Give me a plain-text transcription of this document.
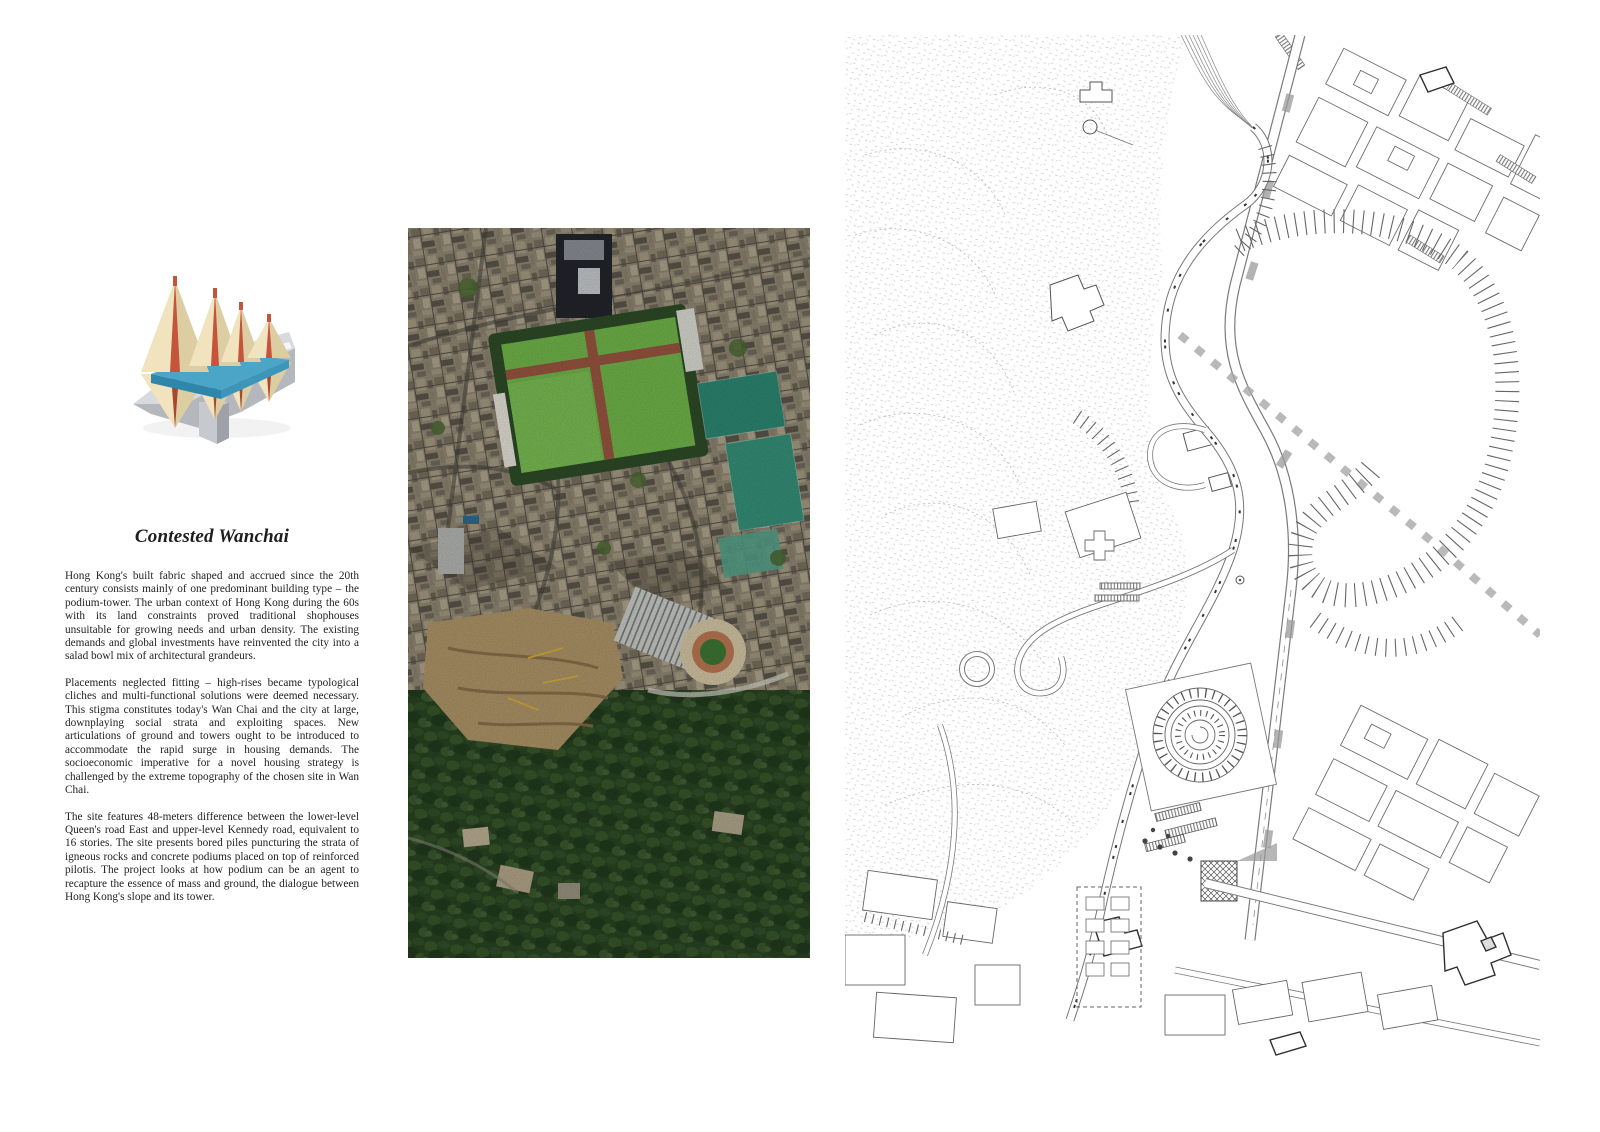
Contested Wanchai

Hong Kong's built fabric shaped and accrued since the 20th century consists mainly of one predominant building type – the podium-tower. The urban context of Hong Kong during the 60s with its land constraints proved traditional shophouses unsuitable for growing needs and urban density. The existing demands and global investments have reinvented the city into a salad bowl mix of architectural grandeurs.

Placements neglected fitting – high-rises became typological cliches and multi-functional solutions were deemed necessary. This stigma constitutes today's Wan Chai and the city at large, downplaying social strata and exploiting spaces. New articulations of ground and towers ought to be introduced to accommodate the rapid surge in housing demands. The socioeconomic imperative for a novel housing strategy is challenged by the extreme topography of the chosen site in Wan Chai.

The site features 48-meters difference between the lower-level Queen's road East and upper-level Kennedy road, equivalent to 16 stories. The site presents bored piles puncturing the strata of igneous rocks and concrete podiums placed on top of reinforced pilotis. The project looks at how podium can be an agent to recapture the essence of mass and ground, the dialogue between Hong Kong's slope and its tower.
